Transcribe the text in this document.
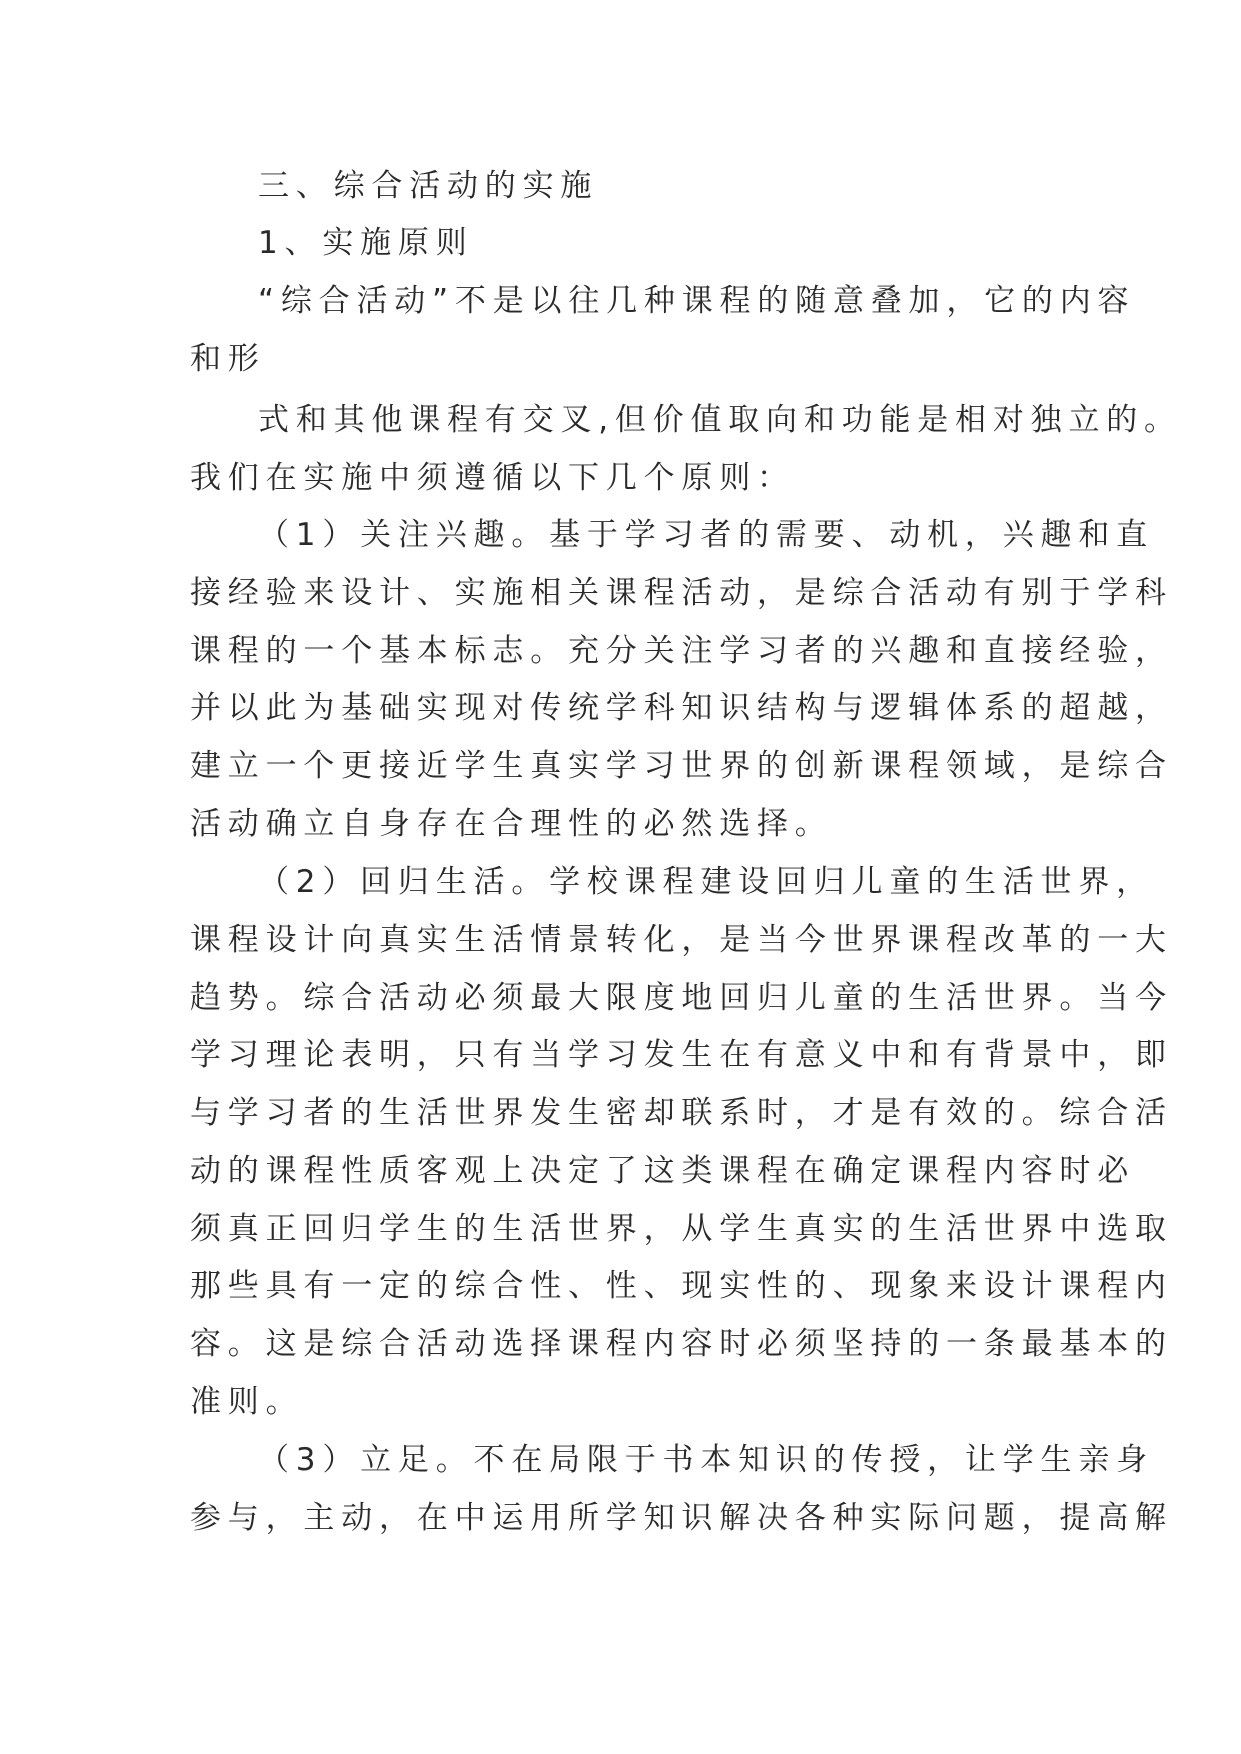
三、综合活动的实施

1、实施原则

“综合活动”不是以往几种课程的随意叠加，它的内容

和形

式和其他课程有交叉,但价值取向和功能是相对独立的。

我们在实施中须遵循以下几个原则：

（1）关注兴趣。基于学习者的需要、动机，兴趣和直

接经验来设计、实施相关课程活动，是综合活动有别于学科

课程的一个基本标志。充分关注学习者的兴趣和直接经验，

并以此为基础实现对传统学科知识结构与逻辑体系的超越，

建立一个更接近学生真实学习世界的创新课程领域，是综合

活动确立自身存在合理性的必然选择。

（2）回归生活。学校课程建设回归儿童的生活世界，

课程设计向真实生活情景转化，是当今世界课程改革的一大

趋势。综合活动必须最大限度地回归儿童的生活世界。当今

学习理论表明，只有当学习发生在有意义中和有背景中，即

与学习者的生活世界发生密却联系时，才是有效的。综合活

动的课程性质客观上决定了这类课程在确定课程内容时必

须真正回归学生的生活世界，从学生真实的生活世界中选取

那些具有一定的综合性、性、现实性的、现象来设计课程内

容。这是综合活动选择课程内容时必须坚持的一条最基本的

准则。

（3）立足。不在局限于书本知识的传授，让学生亲身

参与，主动，在中运用所学知识解决各种实际问题，提高解
